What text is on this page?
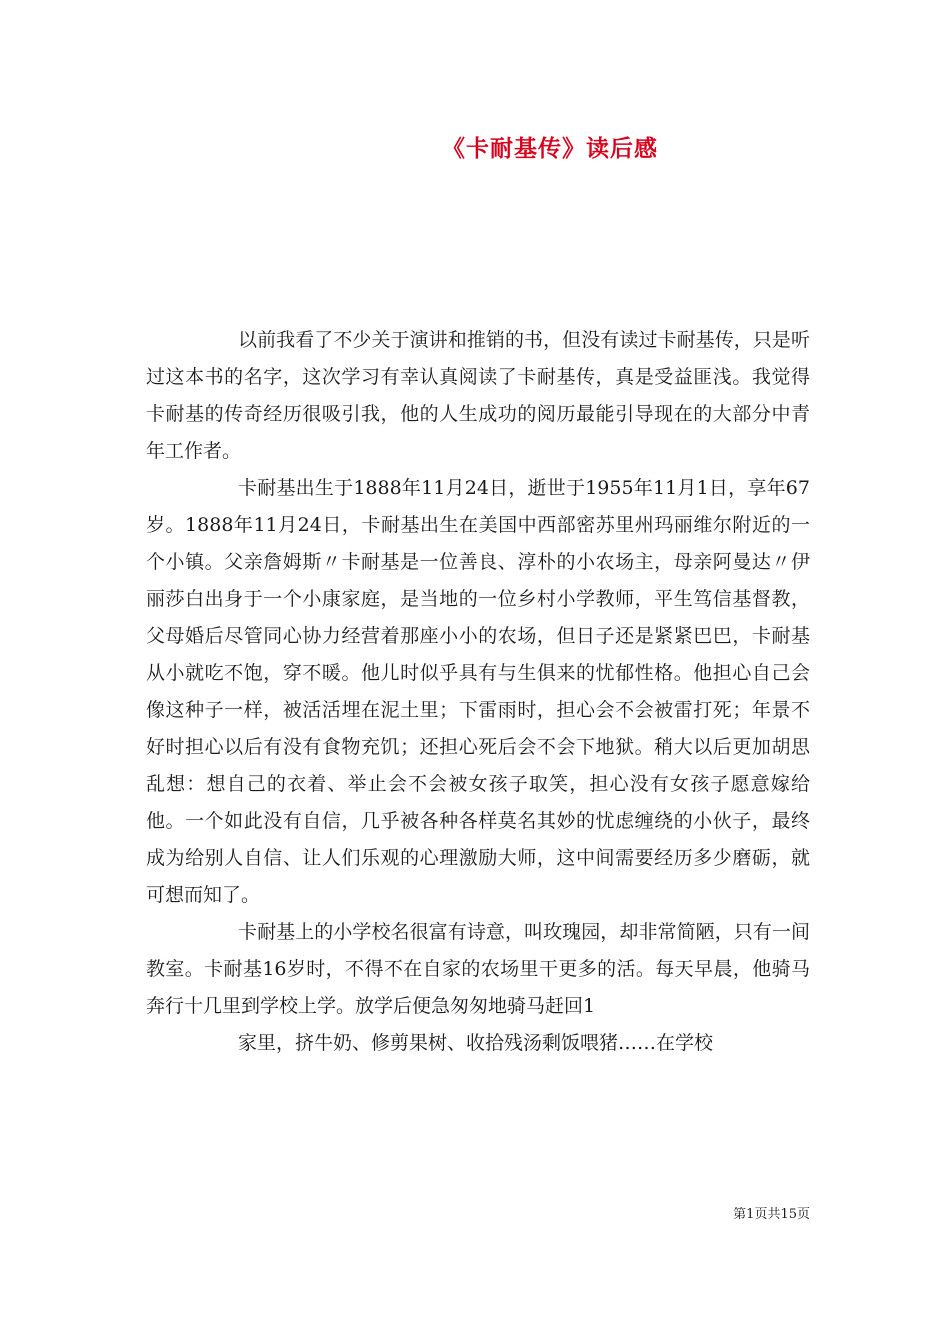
《卡耐基传》读后感

以前我看了不少关于演讲和推销的书，但没有读过卡耐基传，只是听过这本书的名字，这次学习有幸认真阅读了卡耐基传，真是受益匪浅。我觉得卡耐基的传奇经历很吸引我，他的人生成功的阅历最能引导现在的大部分中青年工作者。

卡耐基出生于1888年11月24日，逝世于1955年11月1日，享年67岁。1888年11月24日，卡耐基出生在美国中西部密苏里州玛丽维尔附近的一个小镇。父亲詹姆斯〃卡耐基是一位善良、淳朴的小农场主，母亲阿曼达〃伊丽莎白出身于一个小康家庭，是当地的一位乡村小学教师，平生笃信基督教，父母婚后尽管同心协力经营着那座小小的农场，但日子还是紧紧巴巴，卡耐基从小就吃不饱，穿不暖。他儿时似乎具有与生俱来的忧郁性格。他担心自己会像这种子一样，被活活埋在泥土里；下雷雨时，担心会不会被雷打死；年景不好时担心以后有没有食物充饥；还担心死后会不会下地狱。稍大以后更加胡思乱想：想自己的衣着、举止会不会被女孩子取笑，担心没有女孩子愿意嫁给他。一个如此没有自信，几乎被各种各样莫名其妙的忧虑缠绕的小伙子，最终成为给别人自信、让人们乐观的心理激励大师，这中间需要经历多少磨砺，就可想而知了。

卡耐基上的小学校名很富有诗意，叫玫瑰园，却非常简陋，只有一间教室。卡耐基16岁时，不得不在自家的农场里干更多的活。每天早晨，他骑马奔行十几里到学校上学。放学后便急匆匆地骑马赶回1

家里，挤牛奶、修剪果树、收拾残汤剩饭喂猪……在学校

第1页共15页
